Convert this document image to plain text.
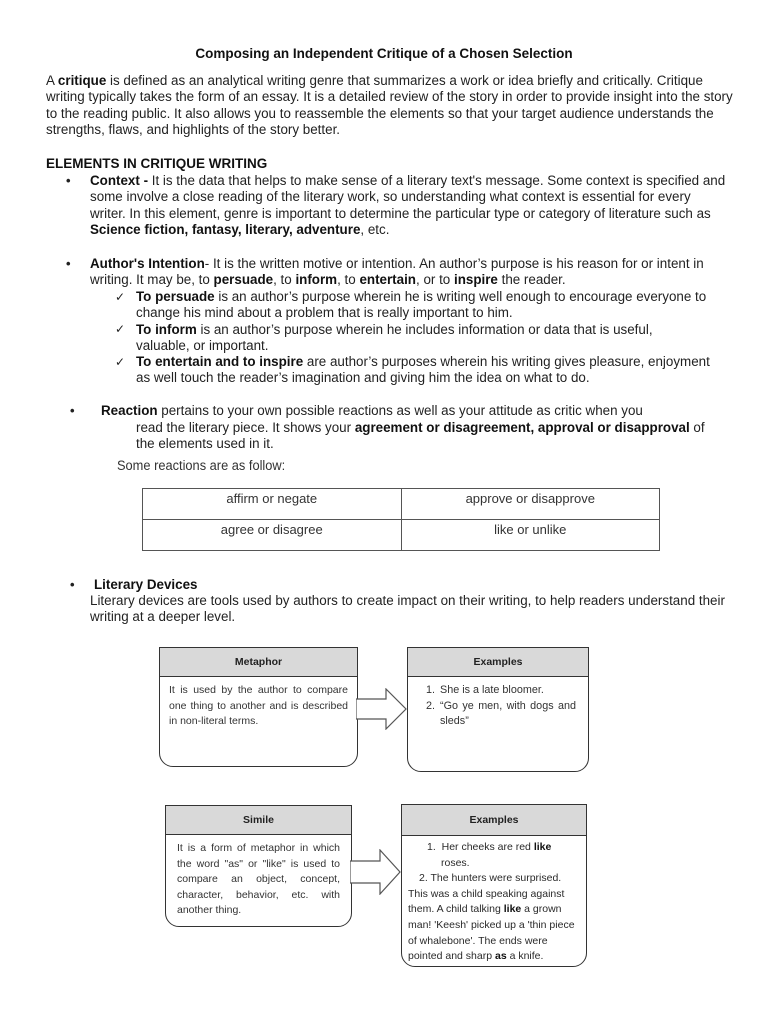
Composing an Independent Critique of a Chosen Selection
A critique is defined as an analytical writing genre that summarizes a work or idea briefly and critically. Critique writing typically takes the form of an essay. It is a detailed review of the story in order to provide insight into the story to the reading public. It also allows you to reassemble the elements so that your target audience understands the strengths, flaws, and highlights of the story better.
ELEMENTS IN CRITIQUE WRITING
• Context - It is the data that helps to make sense of a literary text's message. Some context is specified and some involve a close reading of the literary work, so understanding what context is essential for every writer. In this element, genre is important to determine the particular type or category of literature such as Science fiction, fantasy, literary, adventure, etc.
• Author's Intention- It is the written motive or intention. An author’s purpose is his reason for or intent in writing. It may be, to persuade, to inform, to entertain, or to inspire the reader.
✓ To persuade is an author’s purpose wherein he is writing well enough to encourage everyone to change his mind about a problem that is really important to him.
✓ To inform is an author’s purpose wherein he includes information or data that is useful, valuable, or important.
✓ To entertain and to inspire are author’s purposes wherein his writing gives pleasure, enjoyment as well touch the reader’s imagination and giving him the idea on what to do.
• Reaction pertains to your own possible reactions as well as your attitude as critic when you
read the literary piece. It shows your agreement or disagreement, approval or disapproval of
the elements used in it.
Some reactions are as follow:
affirm or negate	approve or disapprove
agree or disagree	like or unlike
• Literary Devices
Literary devices are tools used by authors to create impact on their writing, to help readers understand their writing at a deeper level.
Metaphor
It is used by the author to compare one thing to another and is described in non-literal terms.
Examples
1. She is a late bloomer.
2. “Go ye men, with dogs and sleds”
Simile
It is a form of metaphor in which the word "as" or "like" is used to compare an object, concept, character, behavior, etc. with another thing.
Examples
1. Her cheeks are red like
roses.
2. The hunters were surprised. This was a child speaking against them. A child talking like a grown man! 'Keesh' picked up a 'thin piece of whalebone'. The ends were pointed and sharp as a knife.
